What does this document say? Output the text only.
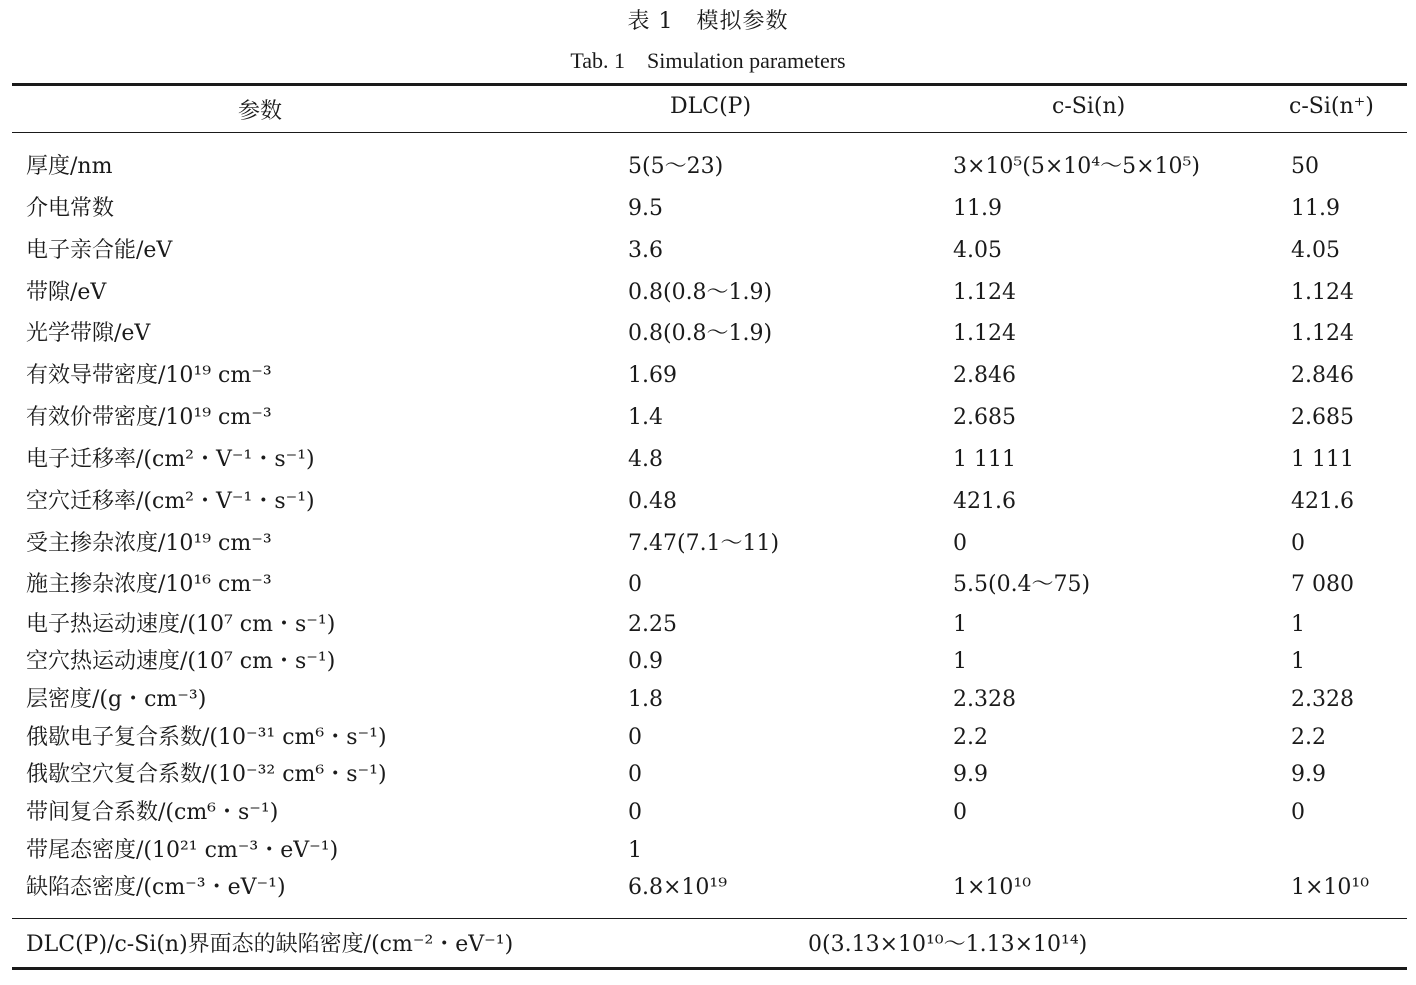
表 1　模拟参数
Tab. 1　Simulation parameters
参数	DLC(P)	c-Si(n)	c-Si(n⁺)
厚度/nm	5(5～23)	3×10⁵(5×10⁴～5×10⁵)	50
介电常数	9.5	11.9	11.9
电子亲合能/eV	3.6	4.05	4.05
带隙/eV	0.8(0.8～1.9)	1.124	1.124
光学带隙/eV	0.8(0.8～1.9)	1.124	1.124
有效导带密度/10¹⁹ cm⁻³	1.69	2.846	2.846
有效价带密度/10¹⁹ cm⁻³	1.4	2.685	2.685
电子迁移率/(cm²・V⁻¹・s⁻¹)	4.8	1 111	1 111
空穴迁移率/(cm²・V⁻¹・s⁻¹)	0.48	421.6	421.6
受主掺杂浓度/10¹⁹ cm⁻³	7.47(7.1～11)	0	0
施主掺杂浓度/10¹⁶ cm⁻³	0	5.5(0.4～75)	7 080
电子热运动速度/(10⁷ cm・s⁻¹)	2.25	1	1
空穴热运动速度/(10⁷ cm・s⁻¹)	0.9	1	1
层密度/(g・cm⁻³)	1.8	2.328	2.328
俄歇电子复合系数/(10⁻³¹ cm⁶・s⁻¹)	0	2.2	2.2
俄歇空穴复合系数/(10⁻³² cm⁶・s⁻¹)	0	9.9	9.9
带间复合系数/(cm⁶・s⁻¹)	0	0	0
带尾态密度/(10²¹ cm⁻³・eV⁻¹)	1
缺陷态密度/(cm⁻³・eV⁻¹)	6.8×10¹⁹	1×10¹⁰	1×10¹⁰
DLC(P)/c-Si(n)界面态的缺陷密度/(cm⁻²・eV⁻¹)	0(3.13×10¹⁰～1.13×10¹⁴)
